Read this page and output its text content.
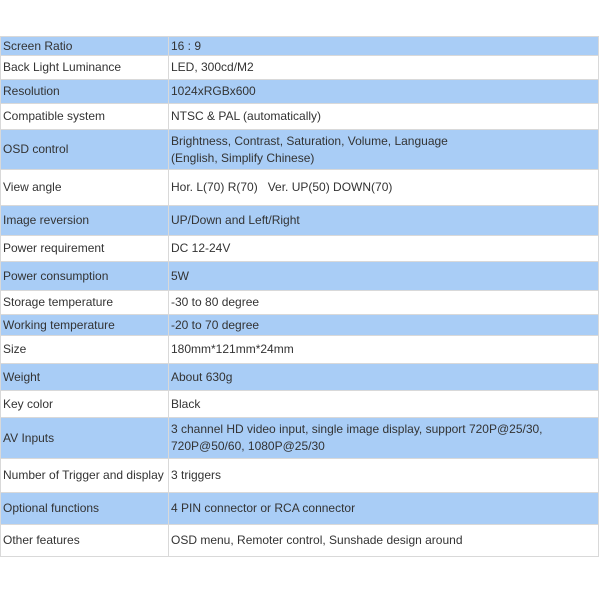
Screen Ratio	16 : 9
Back Light Luminance	LED, 300cd/M2
Resolution	1024xRGBx600
Compatible system	NTSC & PAL (automatically)
OSD control	Brightness, Contrast, Saturation, Volume, Language
(English, Simplify Chinese)

View angle	Hor. L(70) R(70)   Ver. UP(50) DOWN(70)
Image reversion	UP/Down and Left/Right
Power requirement	DC 12-24V
Power consumption	5W
Storage temperature	-30 to 80 degree
Working temperature	-20 to 70 degree
Size	180mm*121mm*24mm
Weight	About 630g
Key color	Black
AV Inputs	3 channel HD video input, single image display, support 720P@25/30,
720P@50/60, 1080P@25/30

Number of Trigger and display	3 triggers
Optional functions	4 PIN connector or RCA connector
Other features	OSD menu, Remoter control, Sunshade design around
